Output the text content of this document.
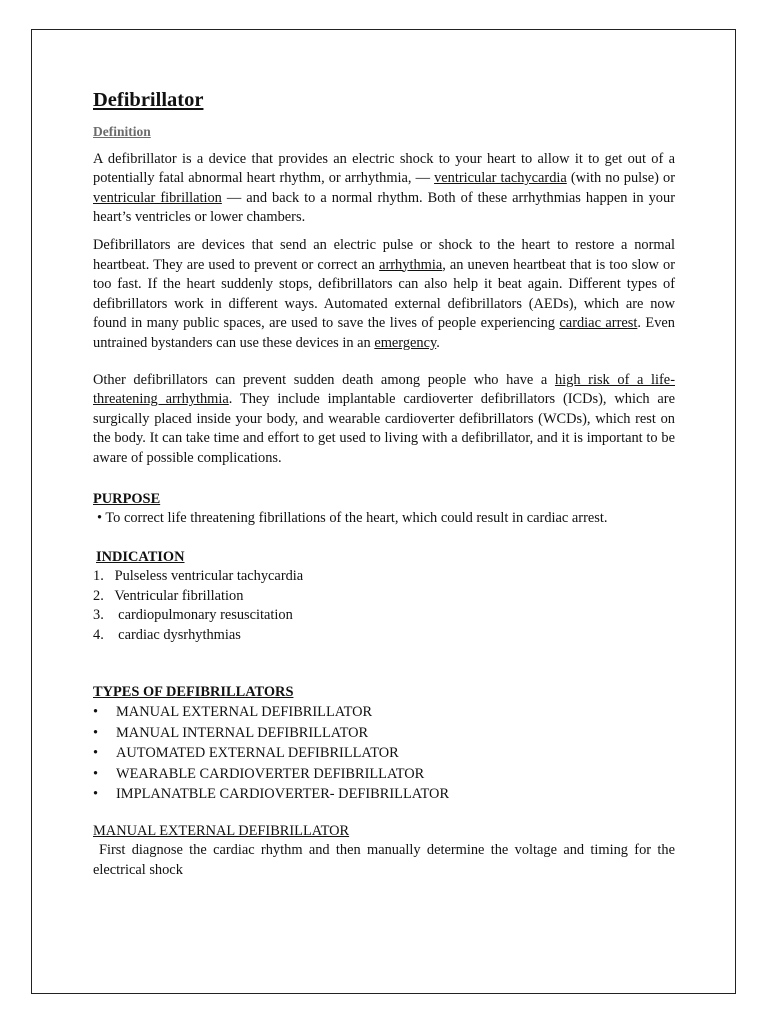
Defibrillator
Definition

A defibrillator is a device that provides an electric shock to your heart to allow it to get out of a potentially fatal abnormal heart rhythm, or arrhythmia, — ventricular tachycardia (with no pulse) or ventricular fibrillation — and back to a normal rhythm. Both of these arrhythmias happen in your heart’s ventricles or lower chambers.

Defibrillators are devices that send an electric pulse or shock to the heart to restore a normal heartbeat. They are used to prevent or correct an arrhythmia, an uneven heartbeat that is too slow or too fast. If the heart suddenly stops, defibrillators can also help it beat again. Different types of defibrillators work in different ways. Automated external defibrillators (AEDs), which are now found in many public spaces, are used to save the lives of people experiencing cardiac arrest. Even untrained bystanders can use these devices in an emergency.

Other defibrillators can prevent sudden death among people who have a high risk of a life-threatening arrhythmia. They include implantable cardioverter defibrillators (ICDs), which are surgically placed inside your body, and wearable cardioverter defibrillators (WCDs), which rest on the body. It can take time and effort to get used to living with a defibrillator, and it is important to be aware of possible complications.

PURPOSE

• To correct life threatening fibrillations of the heart, which could result in cardiac arrest.

INDICATION
1.   Pulseless ventricular tachycardia
2.   Ventricular fibrillation
3.    cardiopulmonary resuscitation
4.    cardiac dysrhythmias
TYPES OF DEFIBRILLATORS
• MANUAL EXTERNAL DEFIBRILLATOR
• MANUAL INTERNAL DEFIBRILLATOR
• AUTOMATED EXTERNAL DEFIBRILLATOR
• WEARABLE CARDIOVERTER DEFIBRILLATOR
• IMPLANATBLE CARDIOVERTER- DEFIBRILLATOR
MANUAL EXTERNAL DEFIBRILLATOR

First diagnose the cardiac rhythm and then manually determine the voltage and timing for the electrical shock
